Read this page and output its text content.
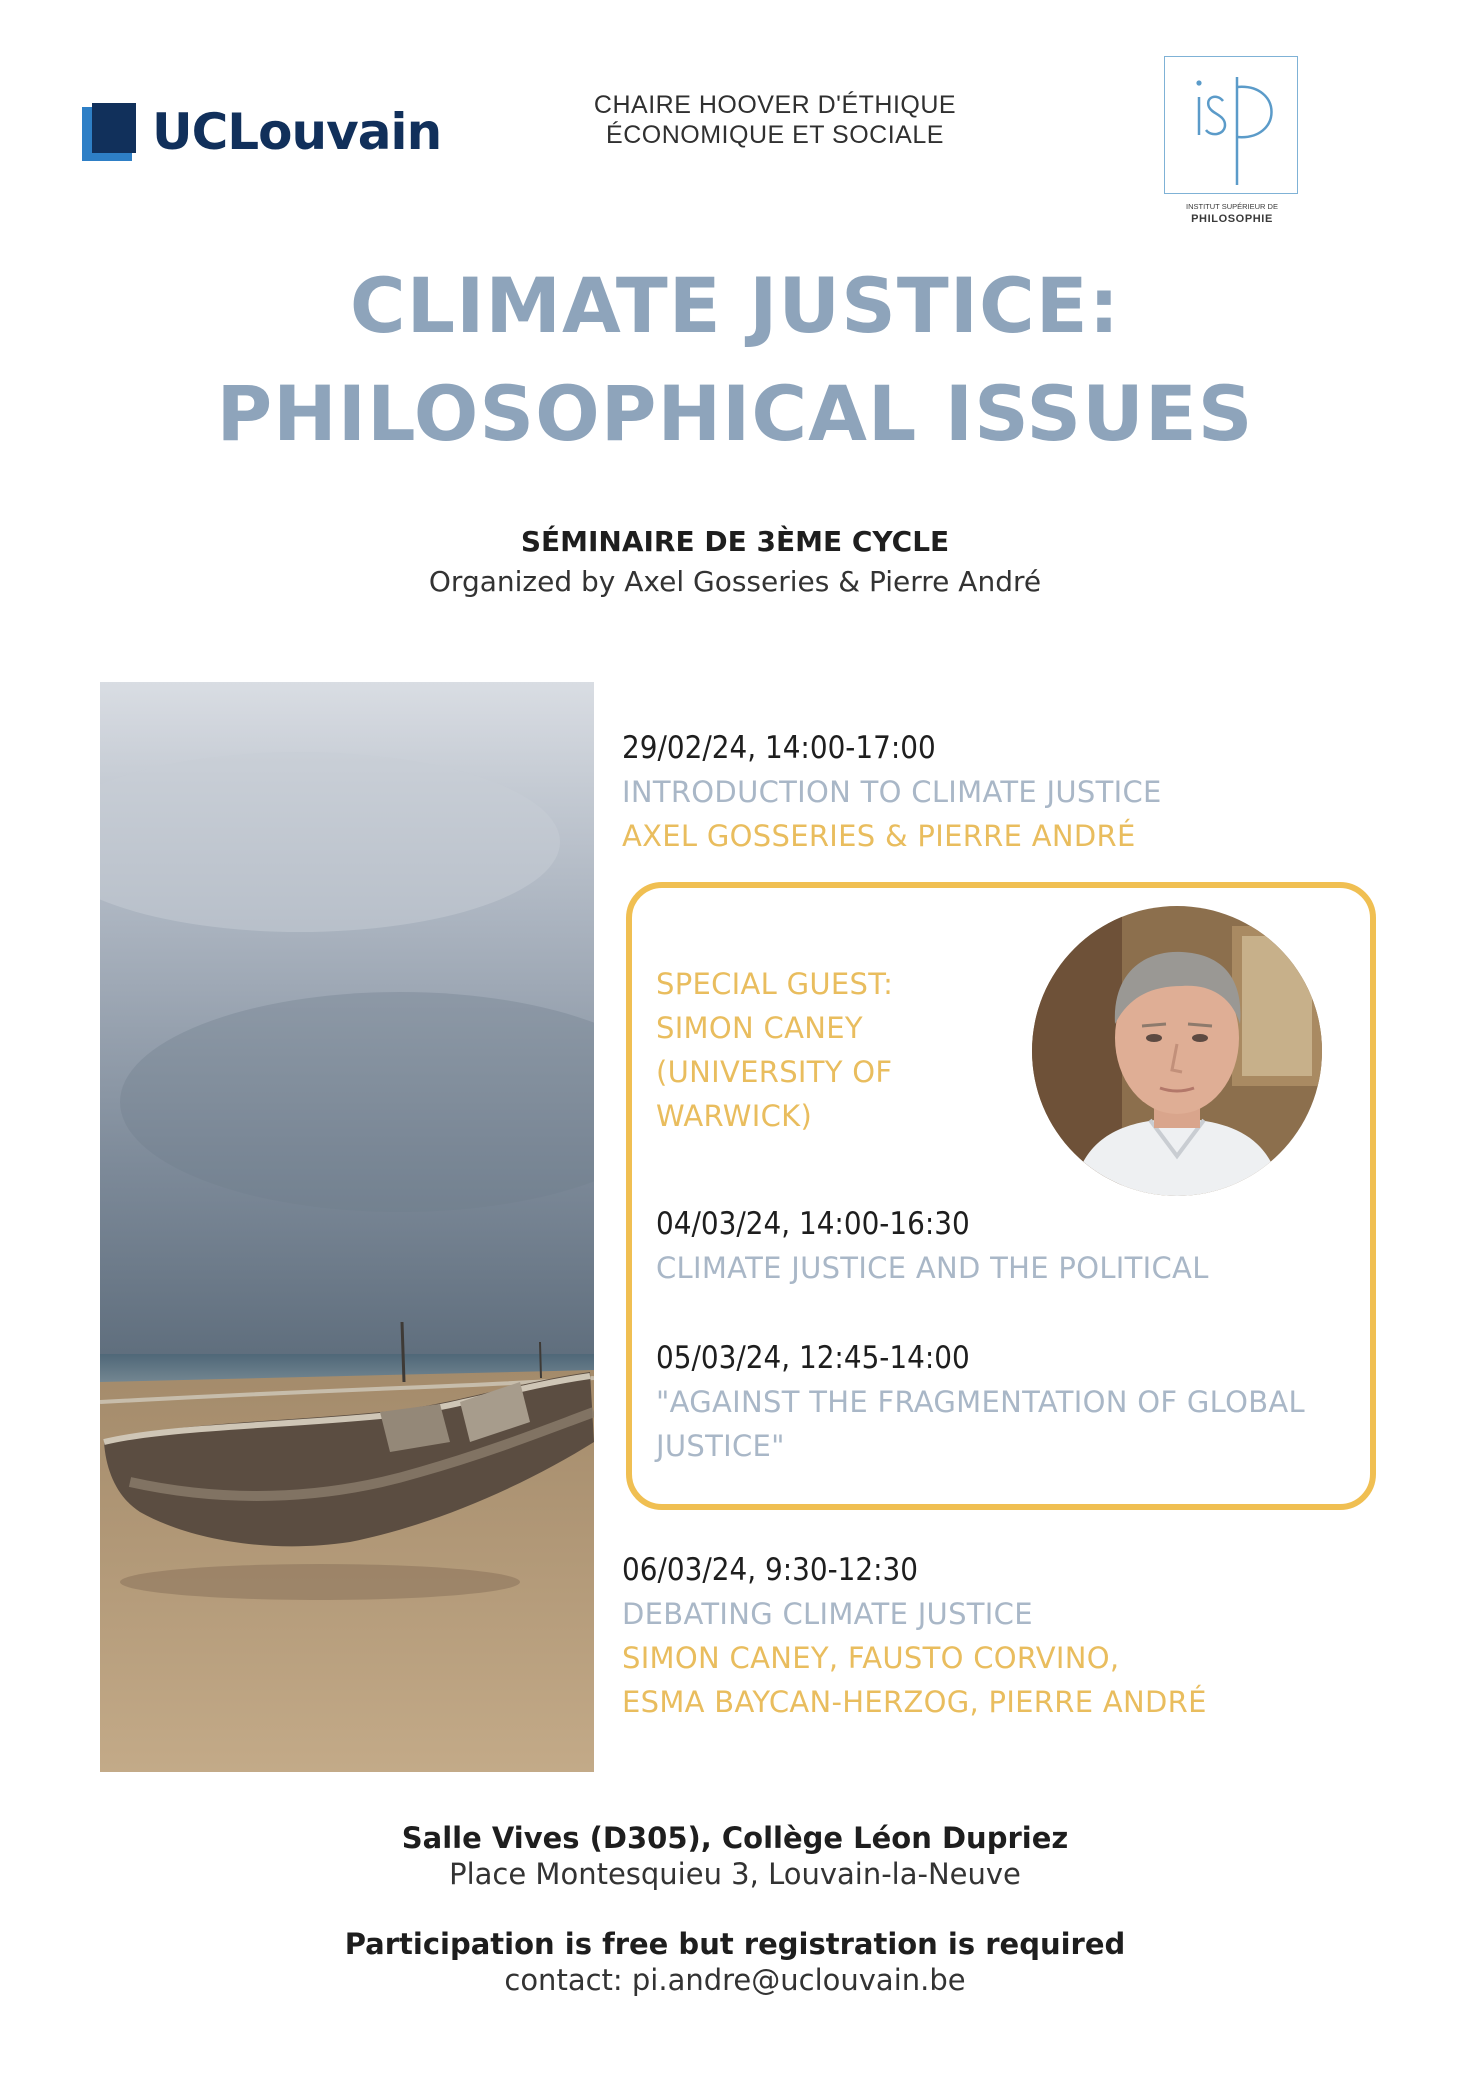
UCLouvain	CHAIRE HOOVER D'ÉTHIQUE
ÉCONOMIQUE ET SOCIALE
INSTITUT SUPÉRIEUR DE
PHILOSOPHIE
CLIMATE JUSTICE:
PHILOSOPHICAL ISSUES
SÉMINAIRE DE 3ÈME CYCLE
Organized by Axel Gosseries & Pierre André
29/02/24, 14:00-17:00
INTRODUCTION TO CLIMATE JUSTICE
AXEL GOSSERIES & PIERRE ANDRÉ
SPECIAL GUEST:
SIMON CANEY
(UNIVERSITY OF
WARWICK)
04/03/24, 14:00-16:30
CLIMATE JUSTICE AND THE POLITICAL
05/03/24, 12:45-14:00
"AGAINST THE FRAGMENTATION OF GLOBAL
JUSTICE"
06/03/24, 9:30-12:30
DEBATING CLIMATE JUSTICE
SIMON CANEY, FAUSTO CORVINO,
ESMA BAYCAN-HERZOG, PIERRE ANDRÉ
Salle Vives (D305), Collège Léon Dupriez
Place Montesquieu 3, Louvain-la-Neuve
Participation is free but registration is required
contact: pi.andre@uclouvain.be
